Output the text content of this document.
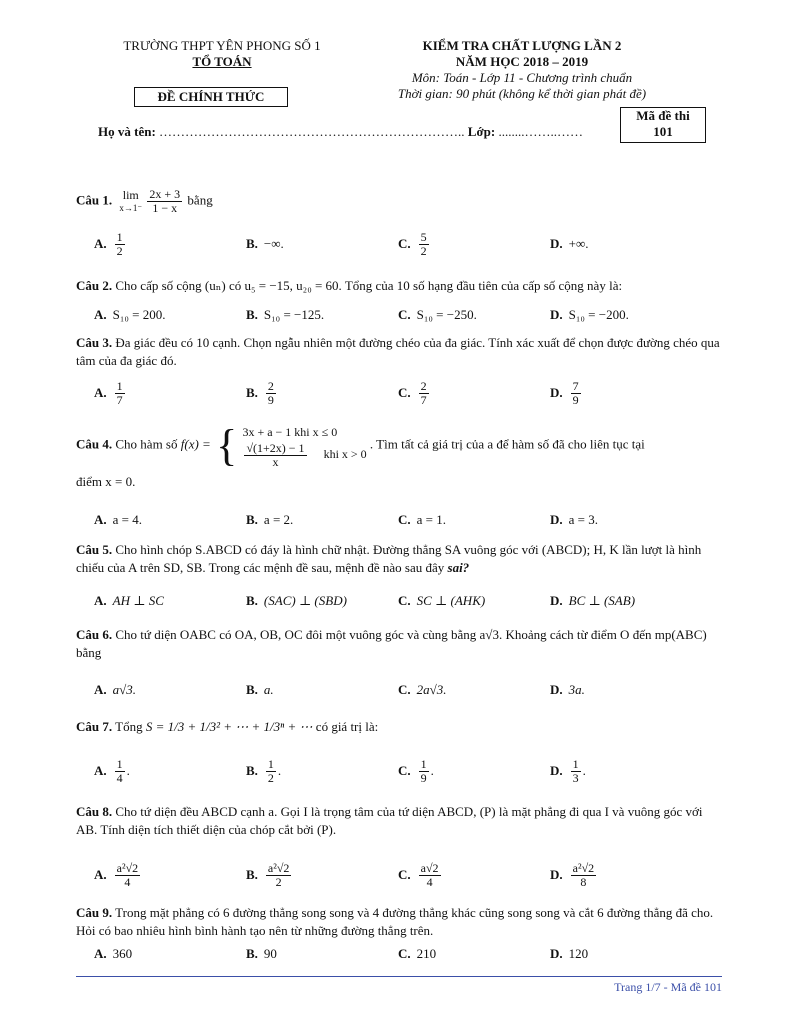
TRƯỜNG THPT YÊN PHONG SỐ 1
TỔ TOÁN
ĐỀ CHÍNH THỨC
KIỂM TRA CHẤT LƯỢNG LẦN 2
NĂM HỌC 2018 – 2019
Môn: Toán - Lớp 11 - Chương trình chuẩn
Thời gian: 90 phút (không kể thời gian phát đề)
Mã đề thi
101
Họ và tên: …………………………………………………………….. Lớp: ........……..……
Câu 1. lim
x→1⁻
$\frac{2x + 3}{1 - x}$ bằng
A. $\frac{1}{2}$	B. −∞.	C. $\frac{5}{2}$	D. +∞.
Câu 2. Cho cấp số cộng (uₙ) có u₅ = −15, u₂₀ = 60. Tổng của 10 số hạng đầu tiên của cấp số cộng này là:
A. S₁₀ = 200.	B. S₁₀ = −125.	C. S₁₀ = −250.	D. S₁₀ = −200.
Câu 3. Đa giác đều có 10 cạnh. Chọn ngẫu nhiên một đường chéo của đa giác. Tính xác xuất để chọn được đường chéo qua tâm của đa giác đó.
A. $\frac{1}{7}$	B. $\frac{2}{9}$	C. $\frac{2}{7}$	D. $\frac{7}{9}$
Câu 4. Cho hàm số f(x) = { 3x + a − 1 khi x ≤ 0
$\frac{√(1+2x) - 1}{x}$ khi x > 0
. Tìm tất cả giá trị của a để hàm số đã cho liên tục tại
điểm x = 0.
A. a = 4.	B. a = 2.	C. a = 1.	D. a = 3.
Câu 5. Cho hình chóp S.ABCD có đáy là hình chữ nhật. Đường thẳng SA vuông góc với (ABCD); H, K lần lượt là hình chiếu của A trên SD, SB. Trong các mệnh đề sau, mệnh đề nào sau đây sai?
A. AH ⊥ SC	B. (SAC) ⊥ (SBD)	C. SC ⊥ (AHK)	D. BC ⊥ (SAB)
Câu 6. Cho tứ diện OABC có OA, OB, OC đôi một vuông góc và cùng bằng a√3. Khoảng cách từ điểm O đến mp(ABC) bằng
A. a√3.	B. a.	C. 2a√3.	D. 3a.
Câu 7. Tổng S = 1/3 + 1/3² + ⋯ + 1/3ⁿ + ⋯ có giá trị là:
A. $\frac{1}{4}$ .	B. $\frac{1}{2}$ .	C. $\frac{1}{9}$ .	D. $\frac{1}{3}$ .
Câu 8. Cho tứ diện đều ABCD cạnh a. Gọi I là trọng tâm của tứ diện ABCD, (P) là mặt phẳng đi qua I và vuông góc với AB. Tính diện tích thiết diện của chóp cắt bởi (P).
A. $\frac{\text{a²√2}}{4}$	B. $\frac{\text{a²√2}}{2}$	C. $\frac{a√2}{4}$	D. $\frac{\text{a²√2}}{8}$
Câu 9. Trong mặt phẳng có 6 đường thẳng song song và 4 đường thẳng khác cũng song song và cắt 6 đường thẳng đã cho. Hỏi có bao nhiêu hình bình hành tạo nên từ những đường thẳng trên.
A. 360	B. 90	C. 210	D. 120
Trang 1/7 - Mã đề 101
